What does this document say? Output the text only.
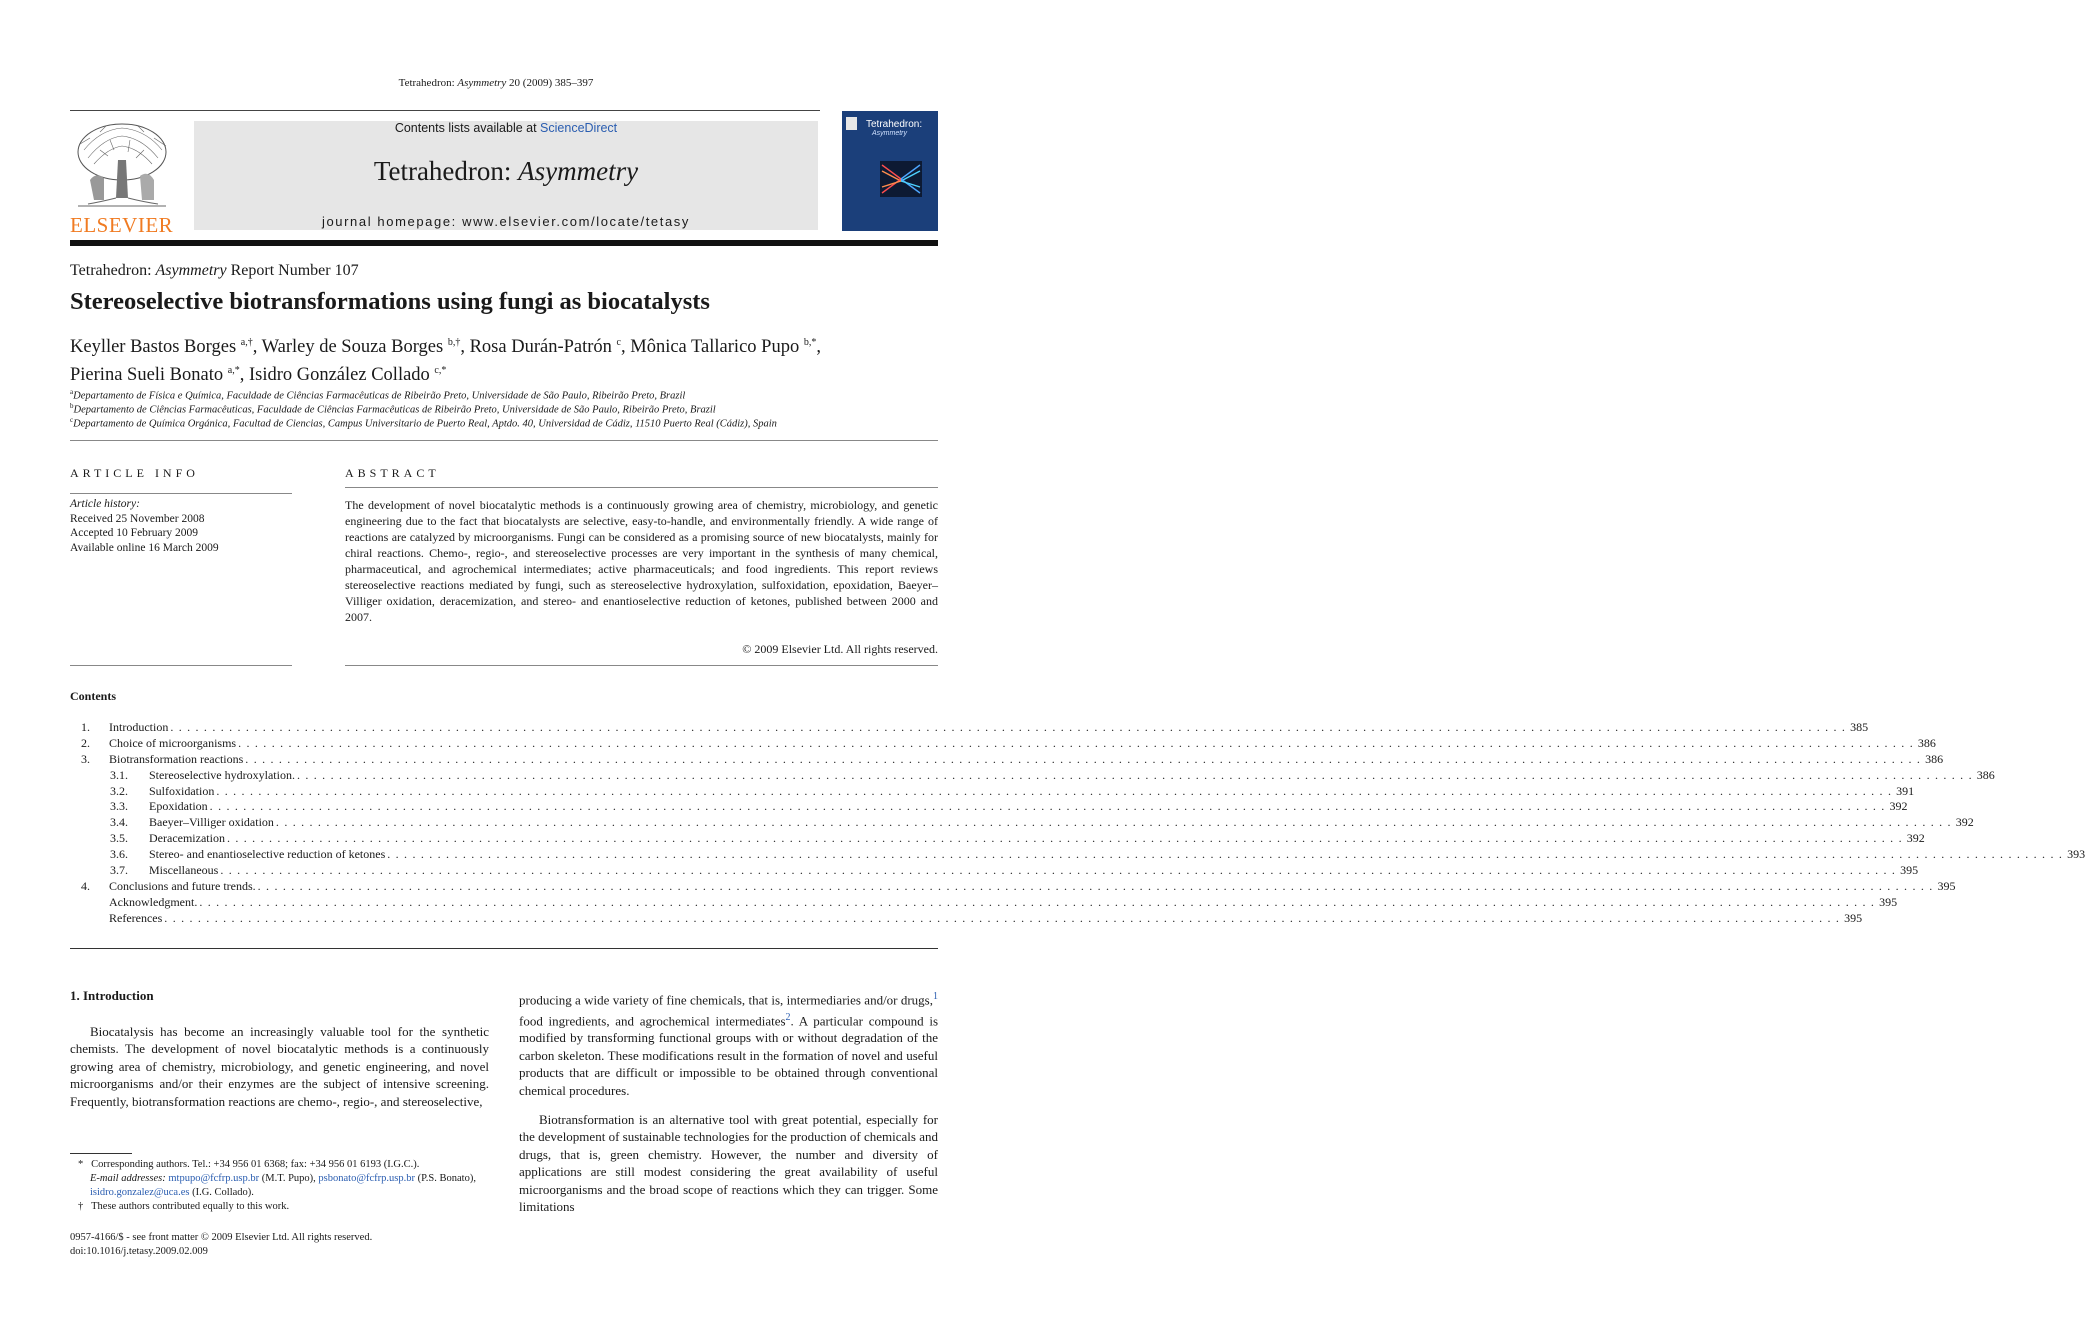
Tetrahedron: Asymmetry 20 (2009) 385–397
ELSEVIER
Contents lists available at ScienceDirect
Tetrahedron: Asymmetry
journal homepage: www.elsevier.com/locate/tetasy
Tetrahedron:
Asymmetry
Tetrahedron: Asymmetry Report Number 107
Stereoselective biotransformations using fungi as biocatalysts
Keyller Bastos Borges $^{a,\dagger}$, Warley de Souza Borges $^{b,\dagger}$, Rosa Durán-Patrón $^c$, Mônica Tallarico Pupo $^{b,*}$,
Pierina Sueli Bonato $^{a,*}$, Isidro González Collado $^{c,*}$
$^a$Departamento de Física e Química, Faculdade de Ciências Farmacêuticas de Ribeirão Preto, Universidade de São Paulo, Ribeirão Preto, Brazil
$^b$Departamento de Ciências Farmacêuticas, Faculdade de Ciências Farmacêuticas de Ribeirão Preto, Universidade de São Paulo, Ribeirão Preto, Brazil
$^c$Departamento de Química Orgánica, Facultad de Ciencias, Campus Universitario de Puerto Real, Aptdo. 40, Universidad de Cádiz, 11510 Puerto Real (Cádiz), Spain
ARTICLE INFO
Article history:
Received 25 November 2008
Accepted 10 February 2009
Available online 16 March 2009
ABSTRACT
The development of novel biocatalytic methods is a continuously growing area of chemistry, microbiology, and genetic engineering due to the fact that biocatalysts are selective, easy-to-handle, and environmentally friendly. A wide range of reactions are catalyzed by microorganisms. Fungi can be considered as a promising source of new biocatalysts, mainly for chiral reactions. Chemo-, regio-, and stereoselective processes are very important in the synthesis of many chemical, pharmaceutical, and agrochemical intermediates; active pharmaceuticals; and food ingredients. This report reviews stereoselective reactions mediated by fungi, such as stereoselective hydroxylation, sulfoxidation, epoxidation, Baeyer–Villiger oxidation, deracemization, and stereo- and enantioselective reduction of ketones, published between 2000 and 2007.
© 2009 Elsevier Ltd. All rights reserved.
Contents
1. Introduction . . . . . . . . . . . . . . . . . . . . . . . . . . . . . . . . . . . . . . . . . . . . . . . . . . . . . . . . . . . . . . . . . . . . . . . . . . . . . . . . . . . . . . . . . . . . . . . . . . . . . . . . . . . . . . . . . . . . . . . . . . . . . . . . . . . . . . . . . . . . . . . . . . . . . . . . . . . . . . . . . . . . . . . . . . . . . . . . . . . . . . . . . . . . . . . . . . . . . . . . 385
2. Choice of microorganisms . . . . . . . . . . . . . . . . . . . . . . . . . . . . . . . . . . . . . . . . . . . . . . . . . . . . . . . . . . . . . . . . . . . . . . . . . . . . . . . . . . . . . . . . . . . . . . . . . . . . . . . . . . . . . . . . . . . . . . . . . . . . . . . . . . . . . . . . . . . . . . . . . . . . . . . . . . . . . . . . . . . . . . . . . . . . . . . . . . . . . . . . . . . . . . . . . . . . . . . . 386
3. Biotransformation reactions . . . . . . . . . . . . . . . . . . . . . . . . . . . . . . . . . . . . . . . . . . . . . . . . . . . . . . . . . . . . . . . . . . . . . . . . . . . . . . . . . . . . . . . . . . . . . . . . . . . . . . . . . . . . . . . . . . . . . . . . . . . . . . . . . . . . . . . . . . . . . . . . . . . . . . . . . . . . . . . . . . . . . . . . . . . . . . . . . . . . . . . . . . . . . . . . . . . . . . . . 386
3.1. Stereoselective hydroxylation. . . . . . . . . . . . . . . . . . . . . . . . . . . . . . . . . . . . . . . . . . . . . . . . . . . . . . . . . . . . . . . . . . . . . . . . . . . . . . . . . . . . . . . . . . . . . . . . . . . . . . . . . . . . . . . . . . . . . . . . . . . . . . . . . . . . . . . . . . . . . . . . . . . . . . . . . . . . . . . . . . . . . . . . . . . . . . . . . . . . . . . . . . . . . . . . . . . . . . . . . 386
3.2. Sulfoxidation . . . . . . . . . . . . . . . . . . . . . . . . . . . . . . . . . . . . . . . . . . . . . . . . . . . . . . . . . . . . . . . . . . . . . . . . . . . . . . . . . . . . . . . . . . . . . . . . . . . . . . . . . . . . . . . . . . . . . . . . . . . . . . . . . . . . . . . . . . . . . . . . . . . . . . . . . . . . . . . . . . . . . . . . . . . . . . . . . . . . . . . . . . . . . . . . . . . . . . . . 391
3.3. Epoxidation . . . . . . . . . . . . . . . . . . . . . . . . . . . . . . . . . . . . . . . . . . . . . . . . . . . . . . . . . . . . . . . . . . . . . . . . . . . . . . . . . . . . . . . . . . . . . . . . . . . . . . . . . . . . . . . . . . . . . . . . . . . . . . . . . . . . . . . . . . . . . . . . . . . . . . . . . . . . . . . . . . . . . . . . . . . . . . . . . . . . . . . . . . . . . . . . . . . . . . . . 392
3.4. Baeyer–Villiger oxidation . . . . . . . . . . . . . . . . . . . . . . . . . . . . . . . . . . . . . . . . . . . . . . . . . . . . . . . . . . . . . . . . . . . . . . . . . . . . . . . . . . . . . . . . . . . . . . . . . . . . . . . . . . . . . . . . . . . . . . . . . . . . . . . . . . . . . . . . . . . . . . . . . . . . . . . . . . . . . . . . . . . . . . . . . . . . . . . . . . . . . . . . . . . . . . . . . . . . . . . . 392
3.5. Deracemization . . . . . . . . . . . . . . . . . . . . . . . . . . . . . . . . . . . . . . . . . . . . . . . . . . . . . . . . . . . . . . . . . . . . . . . . . . . . . . . . . . . . . . . . . . . . . . . . . . . . . . . . . . . . . . . . . . . . . . . . . . . . . . . . . . . . . . . . . . . . . . . . . . . . . . . . . . . . . . . . . . . . . . . . . . . . . . . . . . . . . . . . . . . . . . . . . . . . . . . . 392
3.6. Stereo- and enantioselective reduction of ketones . . . . . . . . . . . . . . . . . . . . . . . . . . . . . . . . . . . . . . . . . . . . . . . . . . . . . . . . . . . . . . . . . . . . . . . . . . . . . . . . . . . . . . . . . . . . . . . . . . . . . . . . . . . . . . . . . . . . . . . . . . . . . . . . . . . . . . . . . . . . . . . . . . . . . . . . . . . . . . . . . . . . . . . . . . . . . . . . . . . . . . . . . . . . . . . . . . . . . . . . 393
3.7. Miscellaneous . . . . . . . . . . . . . . . . . . . . . . . . . . . . . . . . . . . . . . . . . . . . . . . . . . . . . . . . . . . . . . . . . . . . . . . . . . . . . . . . . . . . . . . . . . . . . . . . . . . . . . . . . . . . . . . . . . . . . . . . . . . . . . . . . . . . . . . . . . . . . . . . . . . . . . . . . . . . . . . . . . . . . . . . . . . . . . . . . . . . . . . . . . . . . . . . . . . . . . . . 395
4. Conclusions and future trends. . . . . . . . . . . . . . . . . . . . . . . . . . . . . . . . . . . . . . . . . . . . . . . . . . . . . . . . . . . . . . . . . . . . . . . . . . . . . . . . . . . . . . . . . . . . . . . . . . . . . . . . . . . . . . . . . . . . . . . . . . . . . . . . . . . . . . . . . . . . . . . . . . . . . . . . . . . . . . . . . . . . . . . . . . . . . . . . . . . . . . . . . . . . . . . . . . . . . . . . . 395
Acknowledgment. . . . . . . . . . . . . . . . . . . . . . . . . . . . . . . . . . . . . . . . . . . . . . . . . . . . . . . . . . . . . . . . . . . . . . . . . . . . . . . . . . . . . . . . . . . . . . . . . . . . . . . . . . . . . . . . . . . . . . . . . . . . . . . . . . . . . . . . . . . . . . . . . . . . . . . . . . . . . . . . . . . . . . . . . . . . . . . . . . . . . . . . . . . . . . . . . . . . . . . . . 395
References . . . . . . . . . . . . . . . . . . . . . . . . . . . . . . . . . . . . . . . . . . . . . . . . . . . . . . . . . . . . . . . . . . . . . . . . . . . . . . . . . . . . . . . . . . . . . . . . . . . . . . . . . . . . . . . . . . . . . . . . . . . . . . . . . . . . . . . . . . . . . . . . . . . . . . . . . . . . . . . . . . . . . . . . . . . . . . . . . . . . . . . . . . . . . . . . . . . . . . . . 395
1. Introduction
Biocatalysis has become an increasingly valuable tool for the synthetic chemists. The development of novel biocatalytic methods is a continuously growing area of chemistry, microbiology, and genetic engineering, and novel microorganisms and/or their enzymes are the subject of intensive screening. Frequently, biotransformation reactions are chemo-, regio-, and stereoselective,
producing a wide variety of fine chemicals, that is, intermediaries and/or drugs,$^1$ food ingredients, and agrochemical intermediates$^2$. A particular compound is modified by transforming functional groups with or without degradation of the carbon skeleton. These modifications result in the formation of novel and useful products that are difficult or impossible to be obtained through conventional chemical procedures.
Biotransformation is an alternative tool with great potential, especially for the development of sustainable technologies for the production of chemicals and drugs, that is, green chemistry. However, the number and diversity of applications are still modest considering the great availability of useful microorganisms and the broad scope of reactions which they can trigger. Some limitations
* Corresponding authors. Tel.: +34 956 01 6368; fax: +34 956 01 6193 (I.G.C.).
E-mail addresses: mtpupo@fcfrp.usp.br (M.T. Pupo), psbonato@fcfrp.usp.br (P.S. Bonato), isidro.gonzalez@uca.es (I.G. Collado).
† These authors contributed equally to this work.
0957-4166/$ - see front matter © 2009 Elsevier Ltd. All rights reserved.
doi:10.1016/j.tetasy.2009.02.009
